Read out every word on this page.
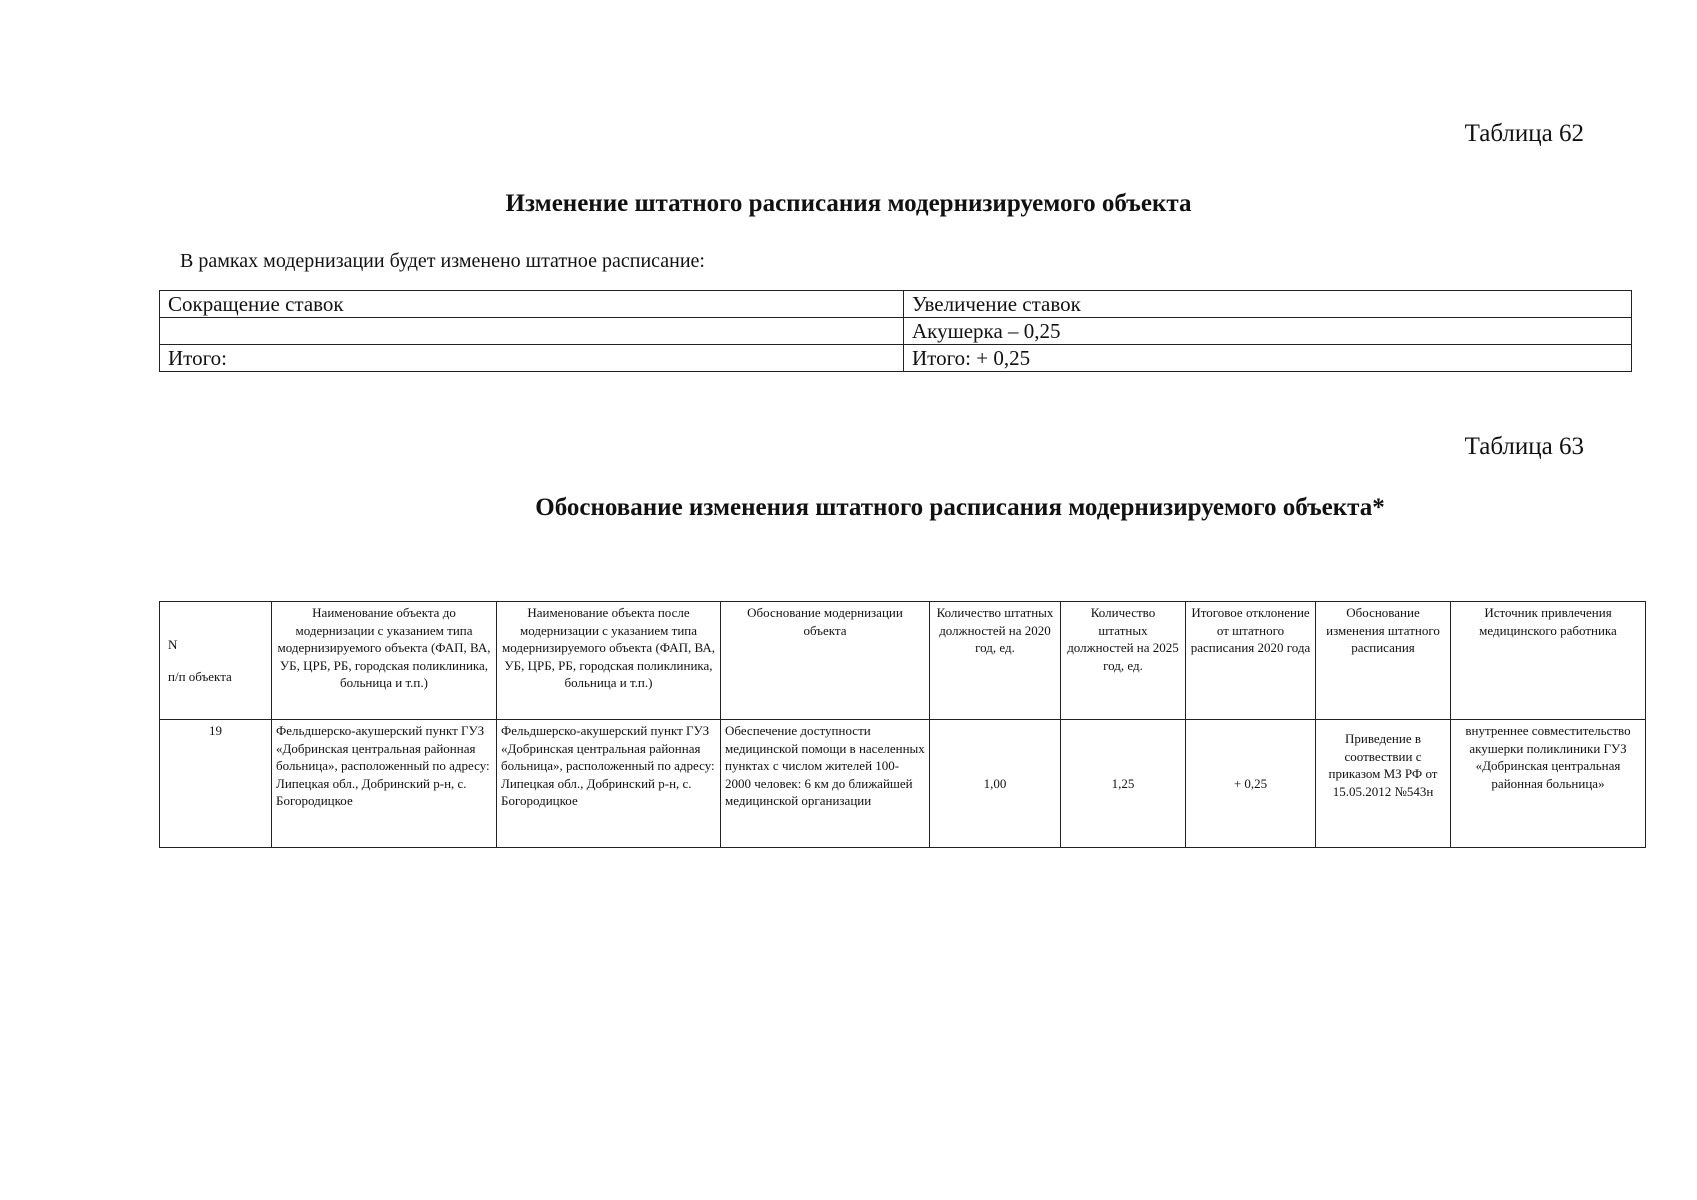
Таблица 62
Изменение штатного расписания модернизируемого объекта
В рамках модернизации будет изменено штатное расписание:
Сокращение ставок	Увеличение ставок
	Акушерка – 0,25
Итого:	Итого: + 0,25
Таблица 63
Обоснование изменения штатного расписания модернизируемого объекта*
N
п/п объекта	Наименование объекта до модернизации с указанием типа модернизируемого объекта (ФАП, ВА, УБ, ЦРБ, РБ, городская поликлиника, больница и т.п.)	Наименование объекта после модернизации с указанием типа модернизируемого объекта (ФАП, ВА, УБ, ЦРБ, РБ, городская поликлиника, больница и т.п.)	Обоснование модернизации объекта	Количество штатных должностей на 2020 год, ед.	Количество штатных должностей на 2025 год, ед.	Итоговое отклонение от штатного расписания 2020 года	Обоснование изменения штатного расписания	Источник привлечения медицинского работника
19	Фельдшерско-акушерский пункт ГУЗ «Добринская центральная районная больница», расположенный по адресу: Липецкая обл., Добринский р-н, с. Богородицкое	Фельдшерско-акушерский пункт ГУЗ «Добринская центральная районная больница», расположенный по адресу: Липецкая обл., Добринский р-н, с. Богородицкое	Обеспечение доступности медицинской помощи в населенных пунктах с числом жителей 100-2000 человек: 6 км до ближайшей медицинской организации	1,00	1,25	+ 0,25	Приведение в соотвествии с приказом МЗ РФ от 15.05.2012 №543н	внутреннее совместительство акушерки поликлиники ГУЗ «Добринская центральная районная больница»
